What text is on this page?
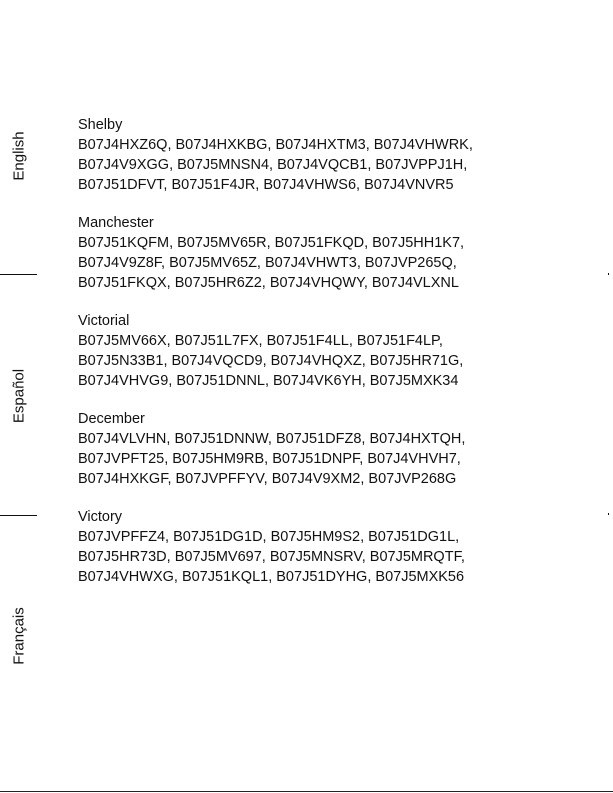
English
Español
Français
Shelby
B07J4HXZ6Q, B07J4HXKBG, B07J4HXTM3, B07J4VHWRK,
B07J4V9XGG, B07J5MNSN4, B07J4VQCB1, B07JVPPJ1H,
B07J51DFVT, B07J51F4JR, B07J4VHWS6, B07J4VNVR5
Manchester
B07J51KQFM, B07J5MV65R, B07J51FKQD, B07J5HH1K7,
B07J4V9Z8F, B07J5MV65Z, B07J4VHWT3, B07JVP265Q,
B07J51FKQX, B07J5HR6Z2, B07J4VHQWY, B07J4VLXNL
Victorial
B07J5MV66X, B07J51L7FX, B07J51F4LL, B07J51F4LP,
B07J5N33B1, B07J4VQCD9, B07J4VHQXZ, B07J5HR71G,
B07J4VHVG9, B07J51DNNL, B07J4VK6YH, B07J5MXK34
December
B07J4VLVHN, B07J51DNNW, B07J51DFZ8, B07J4HXTQH,
B07JVPFT25, B07J5HM9RB, B07J51DNPF, B07J4VHVH7,
B07J4HXKGF, B07JVPFFYV, B07J4V9XM2, B07JVP268G
Victory
B07JVPFFZ4, B07J51DG1D, B07J5HM9S2, B07J51DG1L,
B07J5HR73D, B07J5MV697, B07J5MNSRV, B07J5MRQTF,
B07J4VHWXG, B07J51KQL1, B07J51DYHG, B07J5MXK56
